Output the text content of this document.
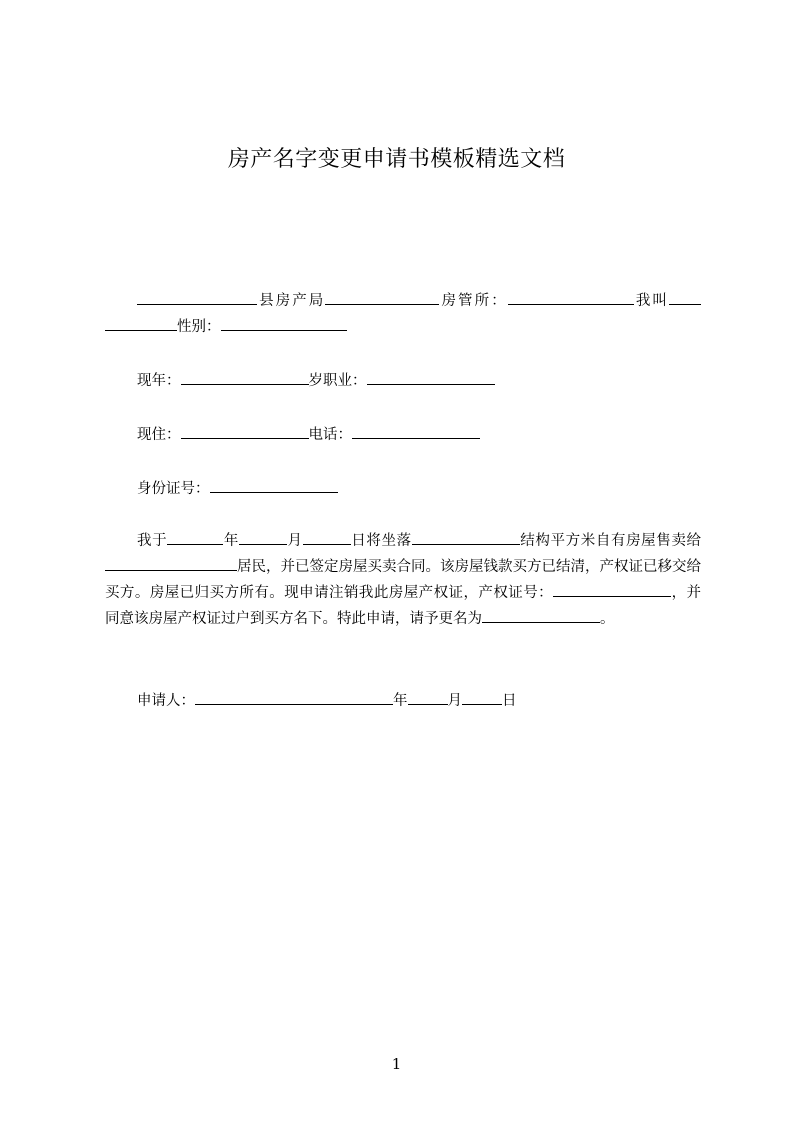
房产名字变更申请书模板精选文档

县房产局	房管所：	我叫性别：

现年：	岁职业：

现住：	电话：

身份证号：

我于	年	月	日将坐落	结构平方米自有房屋售卖给居民，并已签定房屋买卖合同。该房屋钱款买方已结清，产权证已移交给买方。房屋已归买方所有。现申请注销我此房屋产权证，产权证号：	，并同意该房屋产权证过户到买方名下。特此申请，请予更名为	。

申请人：	年	月	日

1
